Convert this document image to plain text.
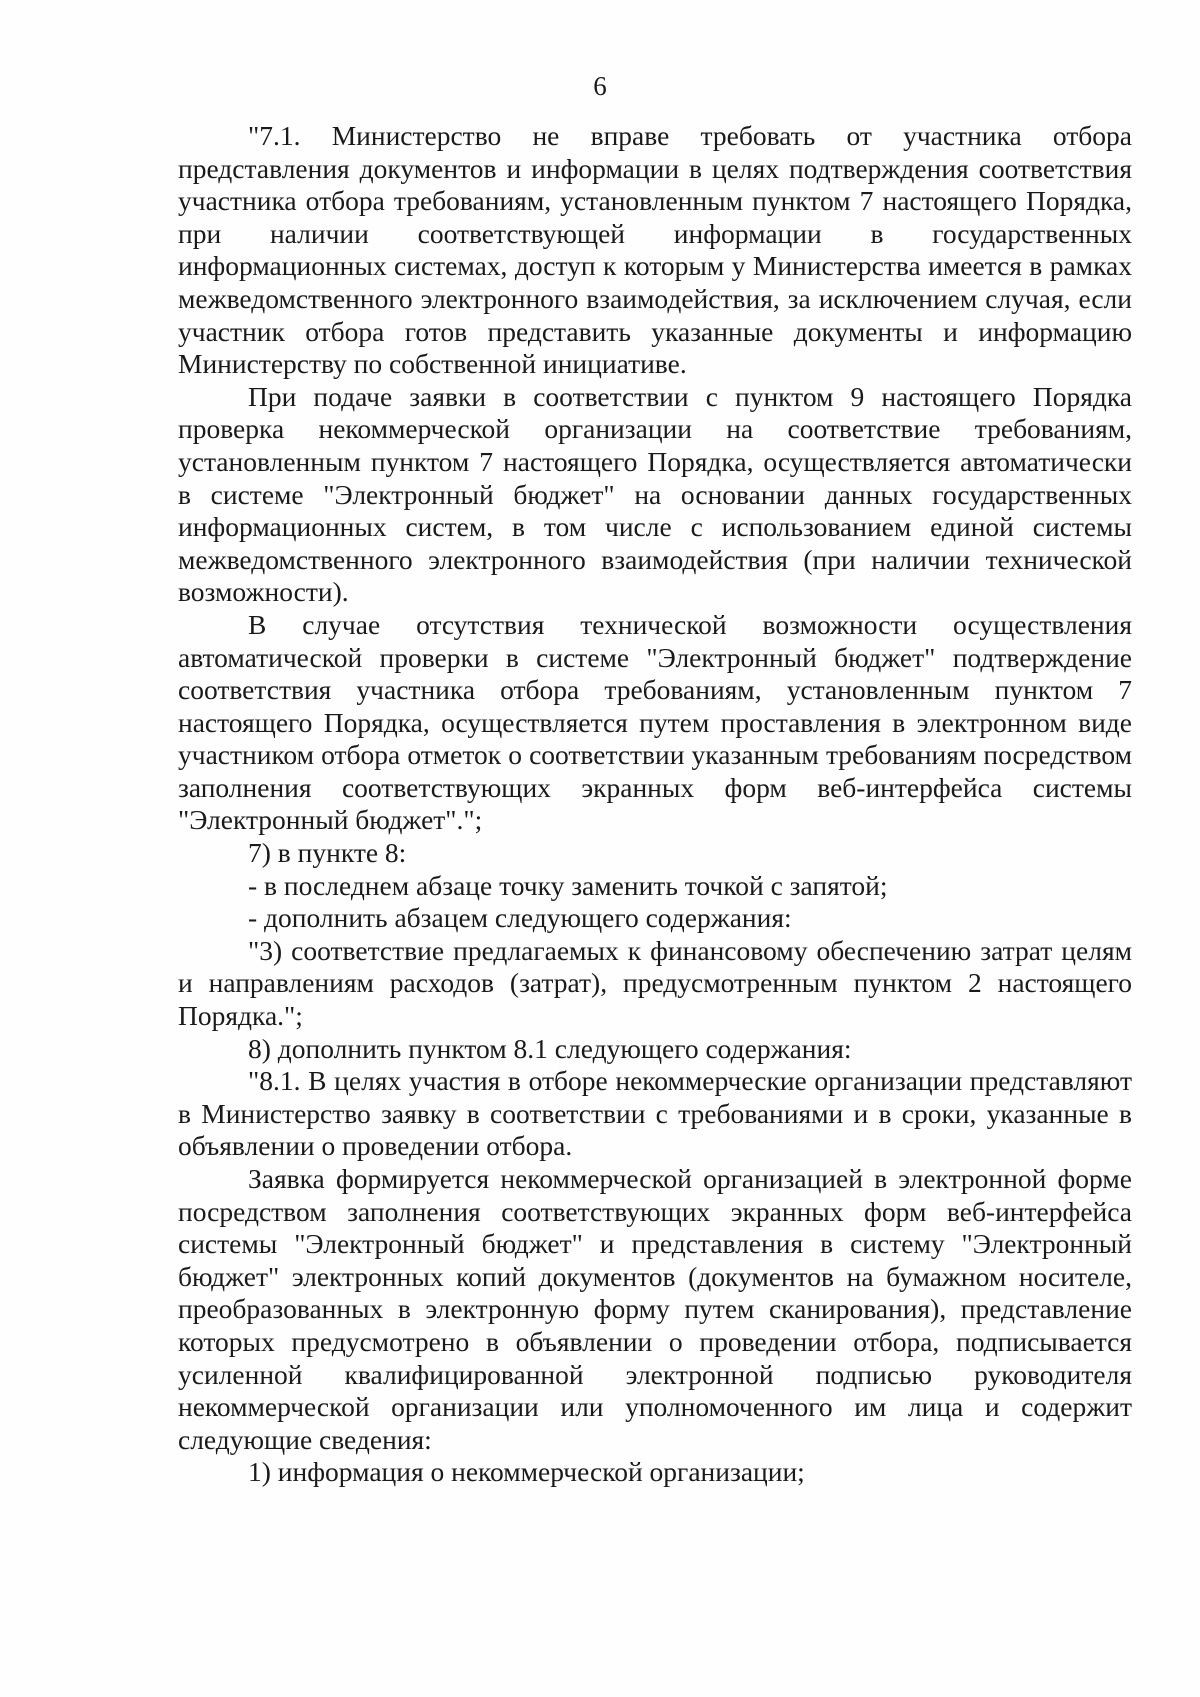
6

"7.1. Министерство не вправе требовать от участника отбора представления документов и информации в целях подтверждения соответствия участника отбора требованиям, установленным пунктом 7 настоящего Порядка, при наличии соответствующей информации в государственных информационных системах, доступ к которым у Министерства имеется в рамках межведомственного электронного взаимодействия, за исключением случая, если участник отбора готов представить указанные документы и информацию Министерству по собственной инициативе.

При подаче заявки в соответствии с пунктом 9 настоящего Порядка проверка некоммерческой организации на соответствие требованиям, установленным пунктом 7 настоящего Порядка, осуществляется автоматически в системе "Электронный бюджет" на основании данных государственных информационных систем, в том числе с использованием единой системы межведомственного электронного взаимодействия (при наличии технической возможности).

В случае отсутствия технической возможности осуществления автоматической проверки в системе "Электронный бюджет" подтверждение соответствия участника отбора требованиям, установленным пунктом 7 настоящего Порядка, осуществляется путем проставления в электронном виде участником отбора отметок о соответствии указанным требованиям посредством заполнения соответствующих экранных форм веб-интерфейса системы "Электронный бюджет".";

7) в пункте 8:

- в последнем абзаце точку заменить точкой с запятой;

- дополнить абзацем следующего содержания:

"3) соответствие предлагаемых к финансовому обеспечению затрат целям и направлениям расходов (затрат), предусмотренным пунктом 2 настоящего Порядка.";

8) дополнить пунктом 8.1 следующего содержания:

"8.1. В целях участия в отборе некоммерческие организации представляют в Министерство заявку в соответствии с требованиями и в сроки, указанные в объявлении о проведении отбора.

Заявка формируется некоммерческой организацией в электронной форме посредством заполнения соответствующих экранных форм веб-интерфейса системы "Электронный бюджет" и представления в систему "Электронный бюджет" электронных копий документов (документов на бумажном носителе, преобразованных в электронную форму путем сканирования), представление которых предусмотрено в объявлении о проведении отбора, подписывается усиленной квалифицированной электронной подписью руководителя некоммерческой организации или уполномоченного им лица и содержит следующие сведения:

1) информация о некоммерческой организации;
